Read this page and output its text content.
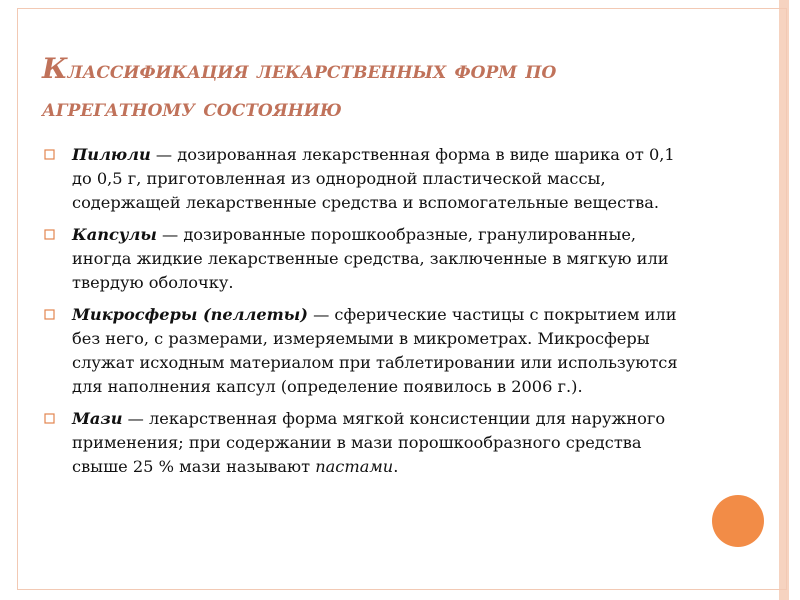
Классификация лекарственных форм по
агрегатному состоянию
Пилюли — дозированная лекарственная форма в виде шарика от 0,1 до 0,5 г, приготовленная из однородной пластической массы, содержащей лекарственные средства и вспомогательные вещества.
Капсулы — дозированные порошкообразные, гранулированные, иногда жидкие лекарственные средства, заключенные в мягкую или твердую оболочку.
Микросферы (пеллеты) — сферические частицы с покрытием или без него, с размерами, измеряемыми в микрометрах. Микросферы служат исходным материалом при таблетировании или используются для наполнения капсул (определение появилось в 2006 г.).
Мази — лекарственная форма мягкой консистенции для наружного применения; при содержании в мази порошкообразного средства свыше 25 % мази называют пастами.
